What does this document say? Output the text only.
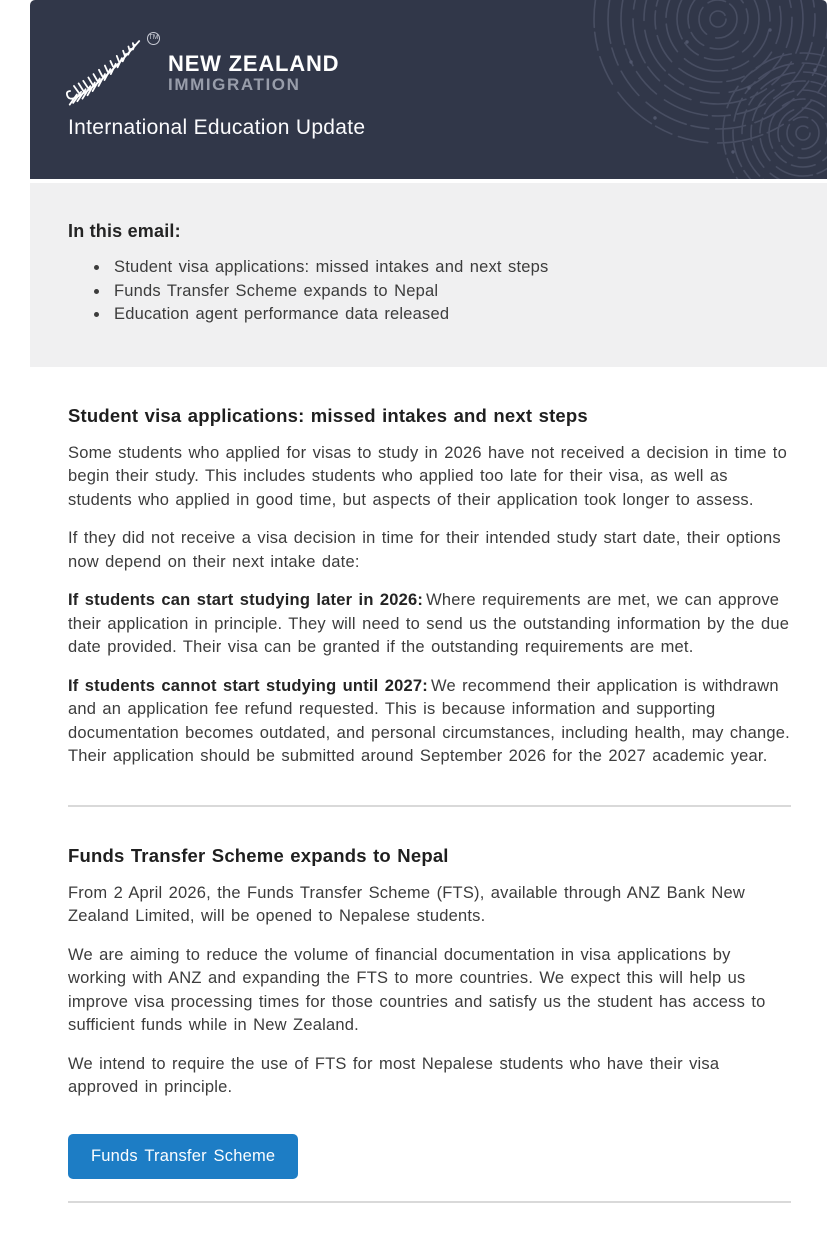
TM
NEW ZEALAND
IMMIGRATION
International Education Update
In this email:
• Student visa applications: missed intakes and next steps
• Funds Transfer Scheme expands to Nepal
• Education agent performance data released
Student visa applications: missed intakes and next steps

Some students who applied for visas to study in 2026 have not received a decision in time to begin their study. This includes students who applied too late for their visa, as well as students who applied in good time, but aspects of their application took longer to assess.

If they did not receive a visa decision in time for their intended study start date, their options now depend on their next intake date:

If students can start studying later in 2026: Where requirements are met, we can approve their application in principle. They will need to send us the outstanding information by the due date provided. Their visa can be granted if the outstanding requirements are met.

If students cannot start studying until 2027: We recommend their application is withdrawn and an application fee refund requested. This is because information and supporting documentation becomes outdated, and personal circumstances, including health, may change. Their application should be submitted around September 2026 for the 2027 academic year.

Funds Transfer Scheme expands to Nepal

From 2 April 2026, the Funds Transfer Scheme (FTS), available through ANZ Bank New Zealand Limited, will be opened to Nepalese students.

We are aiming to reduce the volume of financial documentation in visa applications by working with ANZ and expanding the FTS to more countries. We expect this will help us improve visa processing times for those countries and satisfy us the student has access to sufficient funds while in New Zealand.

We intend to require the use of FTS for most Nepalese students who have their visa approved in principle.

Funds Transfer Scheme
